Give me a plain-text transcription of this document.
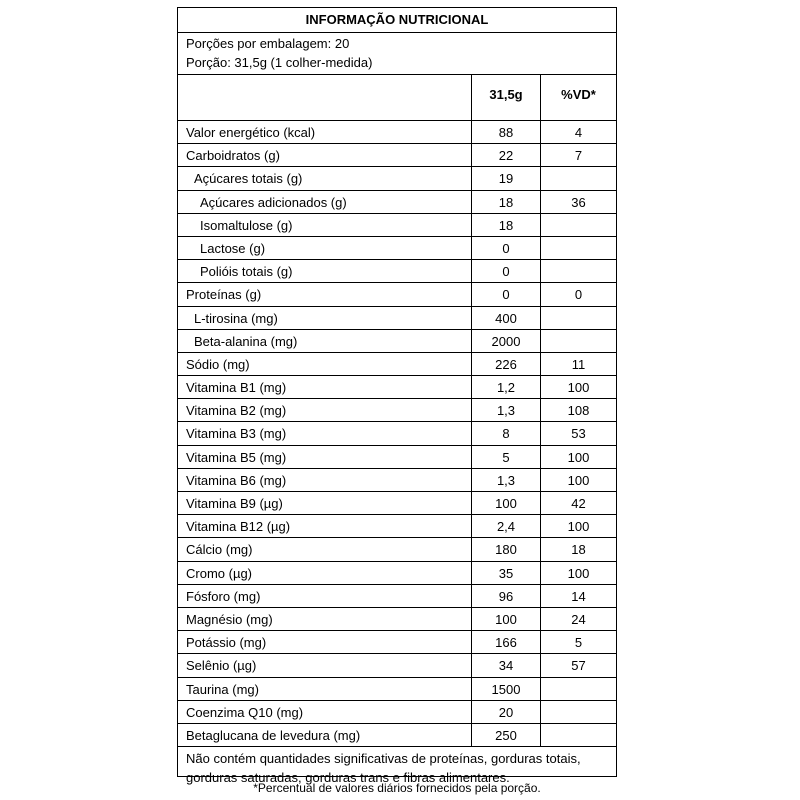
INFORMAÇÃO NUTRICIONAL
Porções por embalagem: 20
Porção: 31,5g (1 colher-medida)
31,5g	%VD*
Valor energético (kcal)	88	4
Carboidratos (g)	22	7
Açúcares totais (g)	19
Açúcares adicionados (g)	18	36
Isomaltulose (g)	18
Lactose (g)	0
Polióis totais (g)	0
Proteínas (g)	0	0
L-tirosina (mg)	400
Beta-alanina (mg)	2000
Sódio (mg)	226	11
Vitamina B1 (mg)	1,2	100
Vitamina B2 (mg)	1,3	108
Vitamina B3 (mg)	8	53
Vitamina B5 (mg)	5	100
Vitamina B6 (mg)	1,3	100
Vitamina B9 (µg)	100	42
Vitamina B12 (µg)	2,4	100
Cálcio (mg)	180	18
Cromo (µg)	35	100
Fósforo (mg)	96	14
Magnésio (mg)	100	24
Potássio (mg)	166	5
Selênio (µg)	34	57
Taurina (mg)	1500
Coenzima Q10 (mg)	20
Betaglucana de levedura (mg)	250
Não contém quantidades significativas de proteínas, gorduras totais, gorduras saturadas, gorduras trans e fibras alimentares.
*Percentual de valores diários fornecidos pela porção.
